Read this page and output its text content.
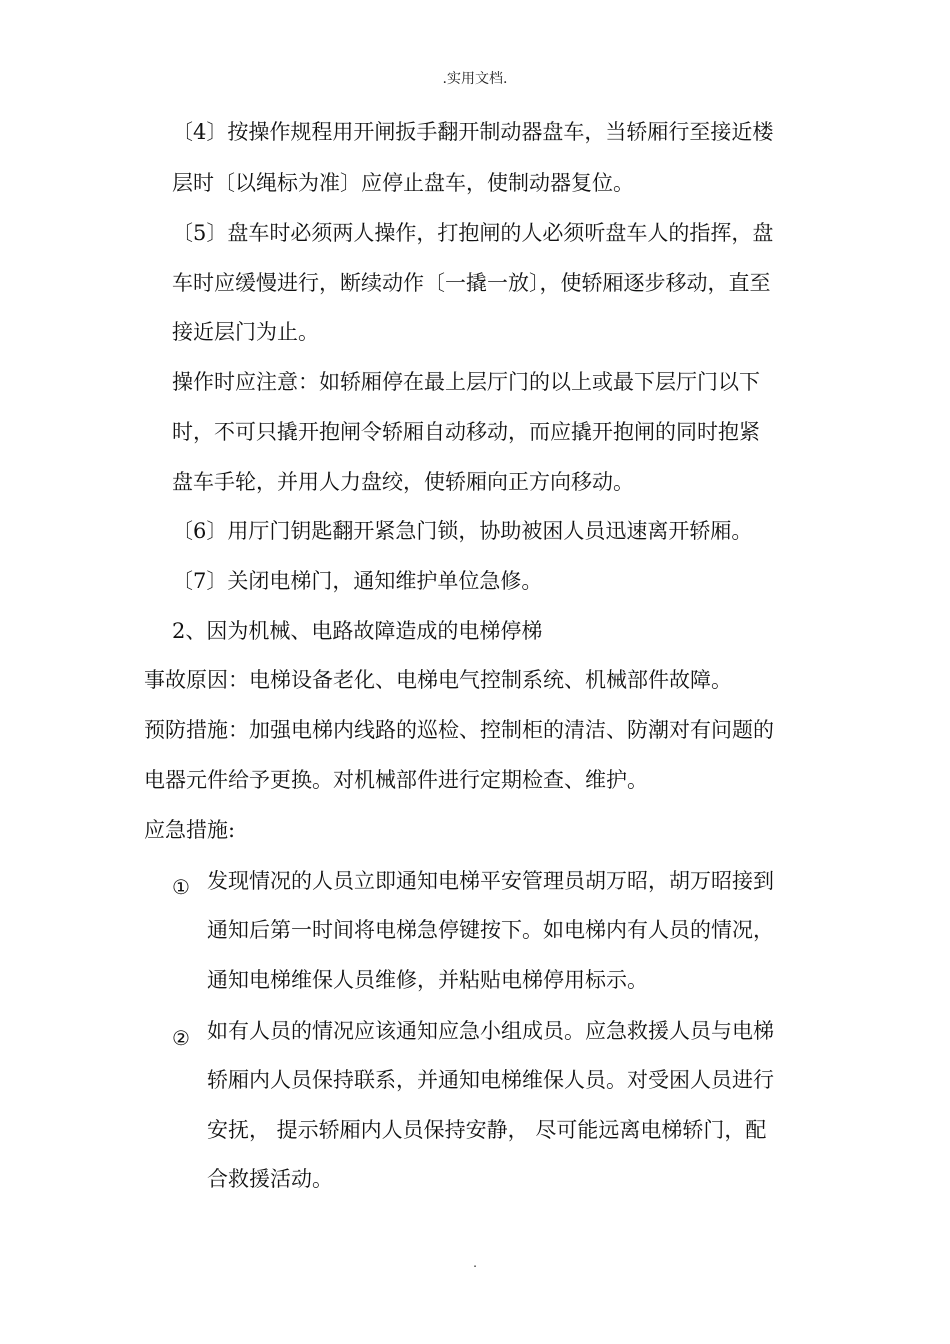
.实用文档.
〔4〕按操作规程用开闸扳手翻开制动器盘车，当轿厢行至接近楼
层时〔以绳标为准〕应停止盘车，使制动器复位。
〔5〕盘车时必须两人操作，打抱闸的人必须听盘车人的指挥，盘
车时应缓慢进行，断续动作〔一撬一放〕，使轿厢逐步移动，直至
接近层门为止。
操作时应注意：如轿厢停在最上层厅门的以上或最下层厅门以下
时，不可只撬开抱闸令轿厢自动移动，而应撬开抱闸的同时抱紧
盘车手轮，并用人力盘绞，使轿厢向正方向移动。
〔6〕用厅门钥匙翻开紧急门锁，协助被困人员迅速离开轿厢。
〔7〕关闭电梯门，通知维护单位急修。
2、因为机械、电路故障造成的电梯停梯
事故原因：电梯设备老化、电梯电气控制系统、机械部件故障。
预防措施：加强电梯内线路的巡检、控制柜的清洁、防潮对有问题的
电器元件给予更换。对机械部件进行定期检查、维护。
应急措施:
① 发现情况的人员立即通知电梯平安管理员胡万昭，胡万昭接到
通知后第一时间将电梯急停键按下。如电梯内有人员的情况，
通知电梯维保人员维修，并粘贴电梯停用标示。
② 如有人员的情况应该通知应急小组成员。应急救援人员与电梯
轿厢内人员保持联系，并通知电梯维保人员。对受困人员进行
安抚， 提示轿厢内人员保持安静， 尽可能远离电梯轿门，配
合救援活动。
.
